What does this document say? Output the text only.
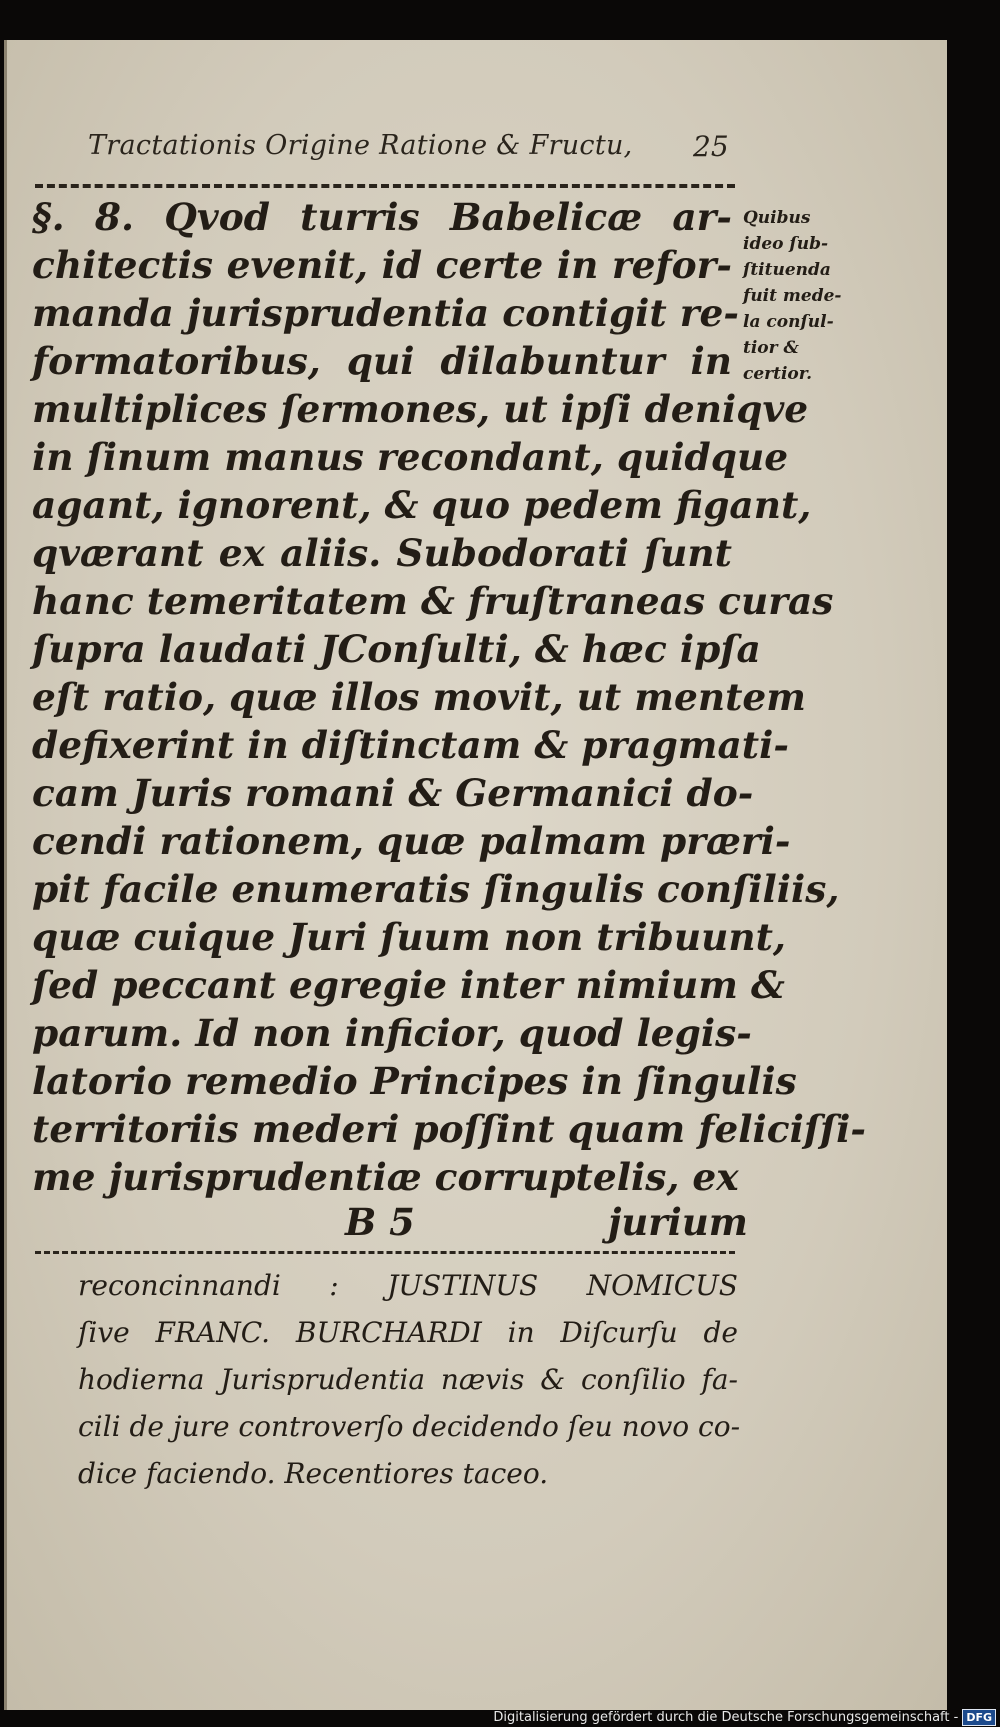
Tractationis Origine Ratione & Fructu, 25
§. 8. Qvod turris Babelicæ ar-
chitectis evenit, id certe in refor-
manda jurisprudentia contigit re-
formatoribus, qui dilabuntur in
multiplices ſermones, ut ipſi deniqve
in ſinum manus recondant, quidque
agant, ignorent, & quo pedem figant,
qværant ex aliis. Subodorati ſunt
hanc temeritatem & fruſtraneas curas
ſupra laudati JConſulti, & hæc ipſa
eſt ratio, quæ illos movit, ut mentem
defixerint in diſtinctam & pragmati-
cam Juris romani & Germanici do-
cendi rationem, quæ palmam præri-
pit facile enumeratis ſingulis conſiliis,
quæ cuique Juri ſuum non tribuunt,
ſed peccant egregie inter nimium &
parum. Id non inficior, quod legis-
latorio remedio Principes in ſingulis
territoriis mederi poſſint quam feliciſſi-
me jurisprudentiæ corruptelis, ex
Quibus
ideo ſub-
ſtituenda
fuit mede-
la conſul-
tior &
certior.
B 5	jurium
reconcinnandi : JUSTINUS NOMICUS
ſive FRANC. BURCHARDI in Diſcurſu de
hodierna Jurisprudentia nævis & conſilio fa-
cili de jure controverſo decidendo ſeu novo co-
dice faciendo. Recentiores taceo.
Digitalisierung gefördert durch die Deutsche Forschungsgemeinschaft - DFG
